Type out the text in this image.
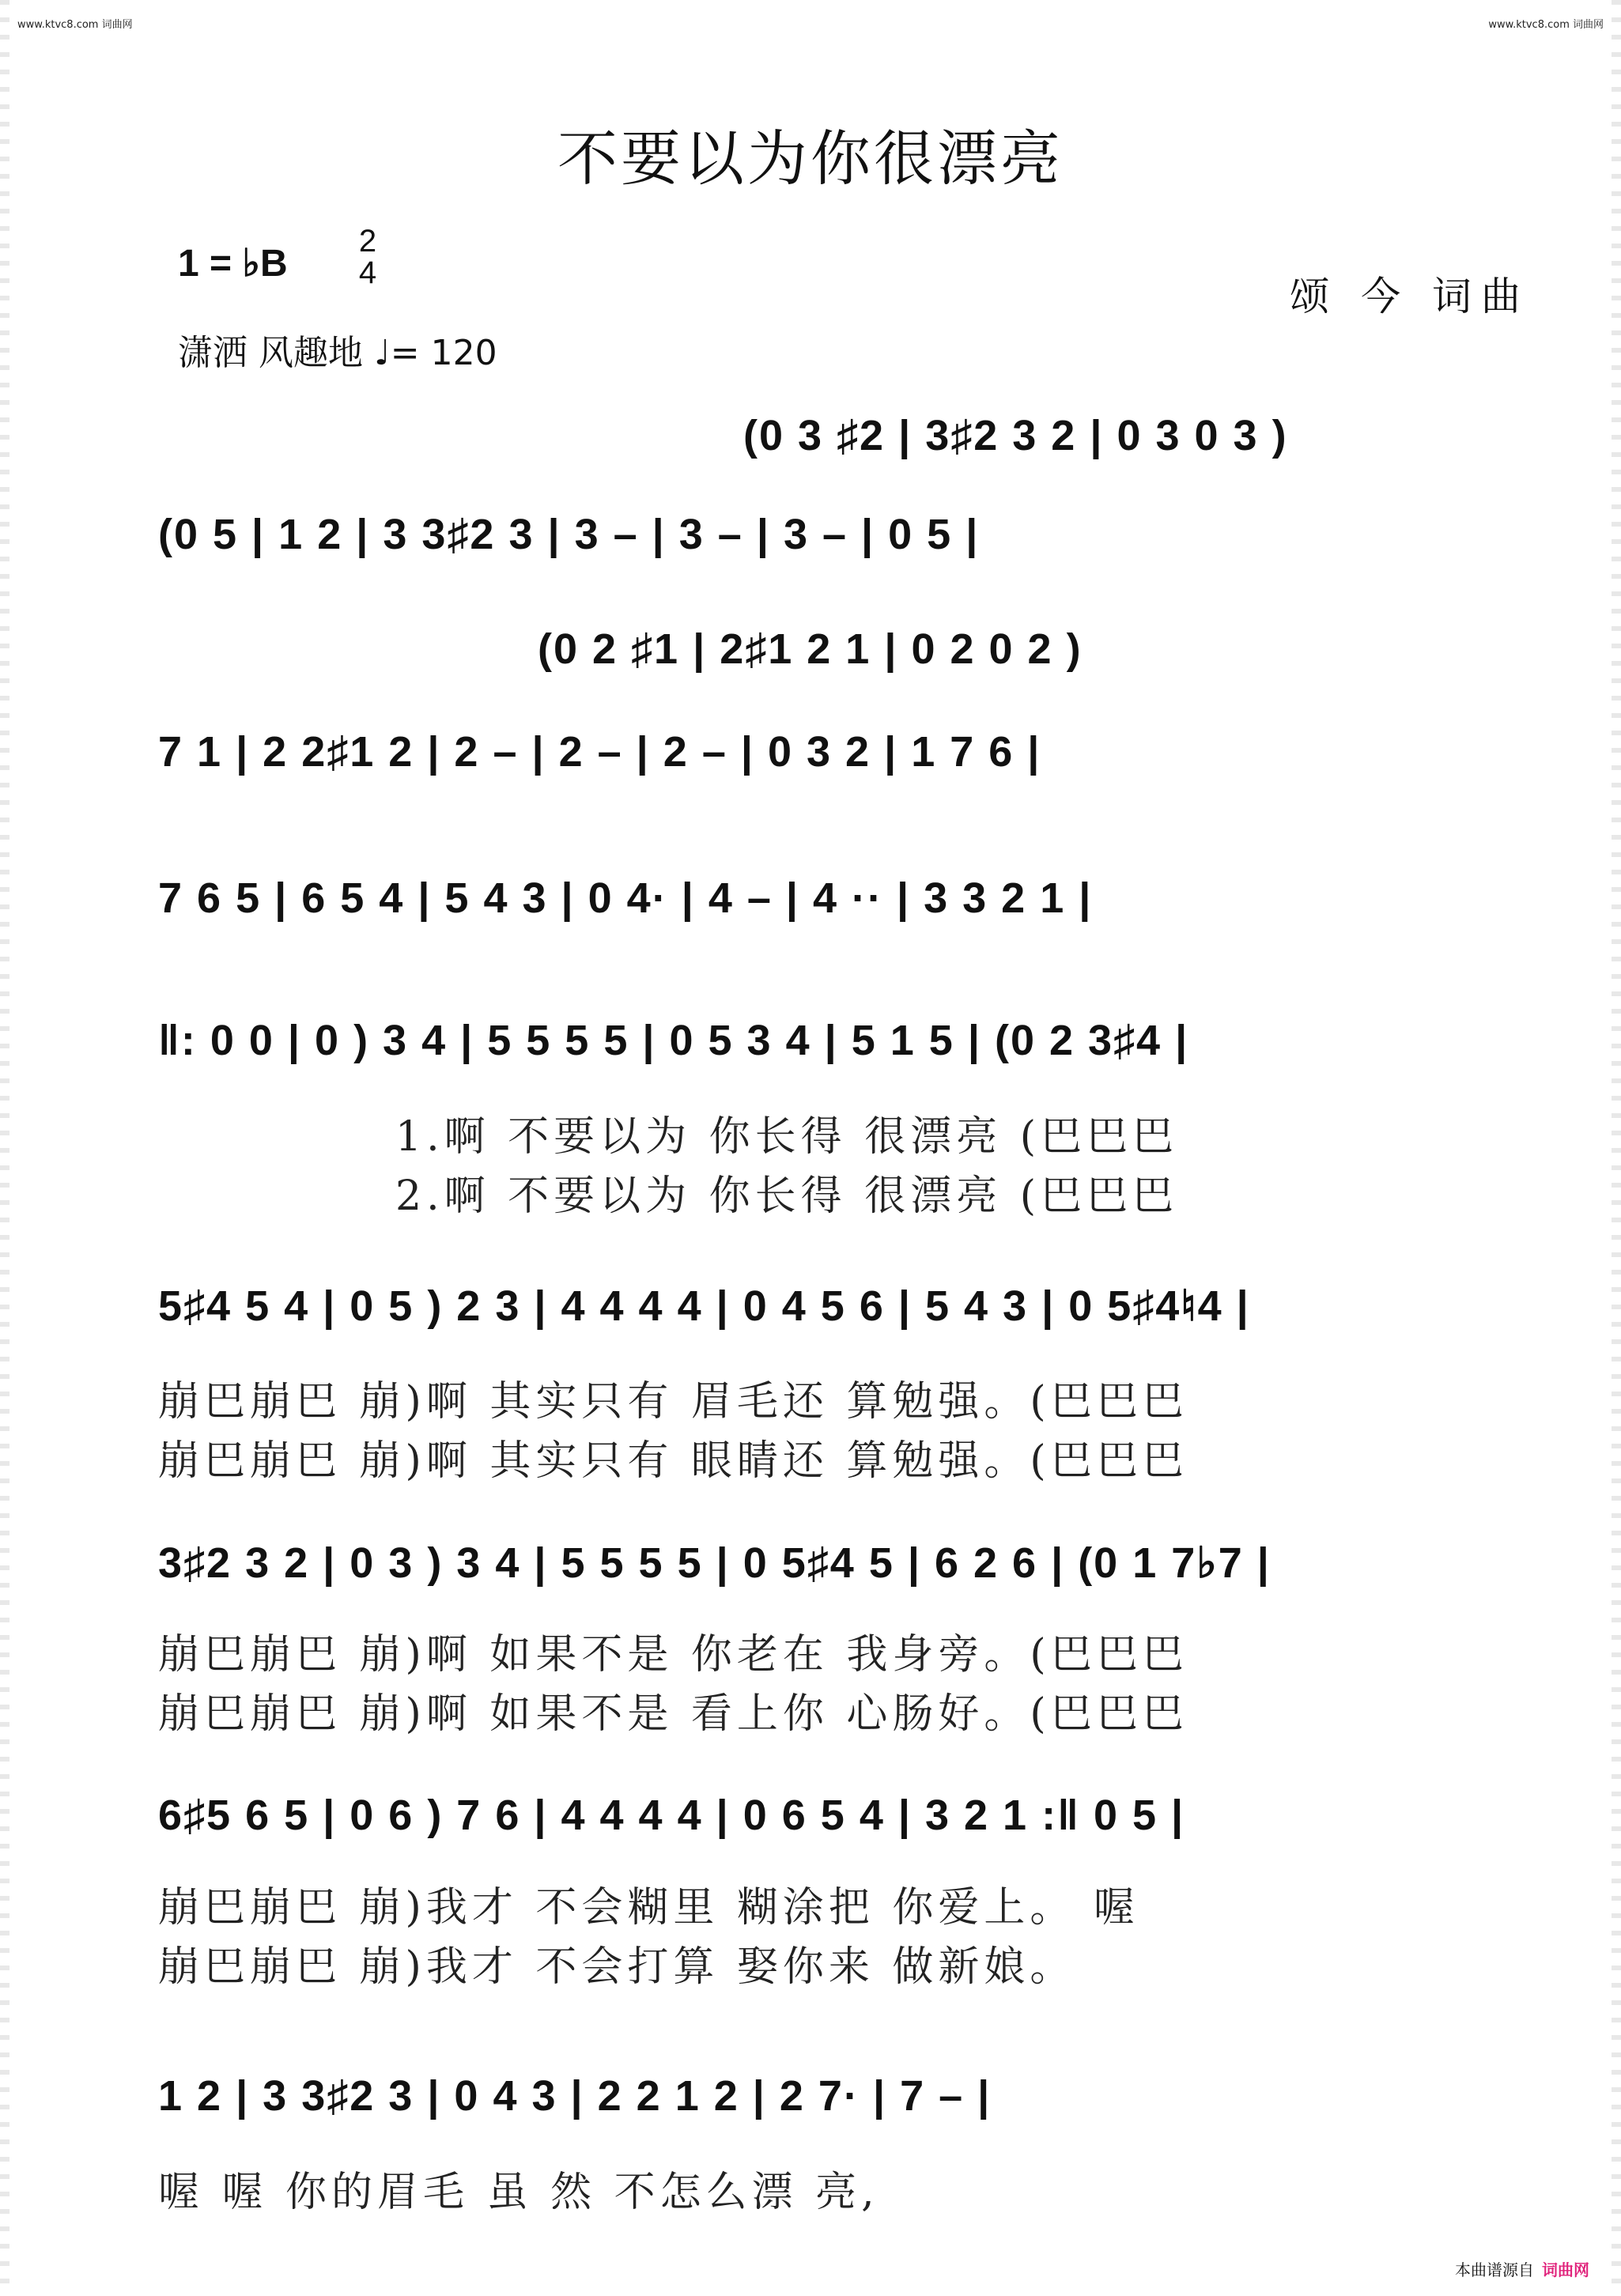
www.ktvc8.com 词曲网	www.ktvc8.com 词曲网
不要以为你很漂亮
1 = ♭B
2
4
潇洒 风趣地 ♩= 120
颂 今 词曲
(0 3 ♯2 | 3♯2 3 2 | 0 3 0 3 )
(0 5 | 1 2 | 3 3♯2 3 | 3 – | 3 – | 3 – | 0 5 |
(0 2 ♯1 | 2♯1 2 1 | 0 2 0 2 )
7 1 | 2 2♯1 2 | 2 – | 2 – | 2 – | 0 3 2 | 1 7 6 |
7 6 5 | 6 5 4 | 5 4 3 | 0 4· | 4 – | 4 ·· | 3 3 2 1 |
‖: 0 0 | 0 ) 3 4 | 5 5 5 5 | 0 5 3 4 | 5 1 5 | (0 2 3♯4 |
1.啊 不要以为 你长得 很漂亮 (巴巴巴
2.啊 不要以为 你长得 很漂亮 (巴巴巴
5♯4 5 4 | 0 5 ) 2 3 | 4 4 4 4 | 0 4 5 6 | 5 4 3 | 0 5♯4♮4 |
崩巴崩巴 崩)啊 其实只有 眉毛还 算勉强。(巴巴巴
崩巴崩巴 崩)啊 其实只有 眼睛还 算勉强。(巴巴巴
3♯2 3 2 | 0 3 ) 3 4 | 5 5 5 5 | 0 5♯4 5 | 6 2 6 | (0 1 7♭7 |
崩巴崩巴 崩)啊 如果不是 你老在 我身旁。(巴巴巴
崩巴崩巴 崩)啊 如果不是 看上你 心肠好。(巴巴巴
6♯5 6 5 | 0 6 ) 7 6 | 4 4 4 4 | 0 6 5 4 | 3 2 1 :‖ 0 5 |
崩巴崩巴 崩)我才 不会糊里 糊涂把 你爱上。 喔
崩巴崩巴 崩)我才 不会打算 娶你来 做新娘。
1 2 | 3 3♯2 3 | 0 4 3 | 2 2 1 2 | 2 7· | 7 – |
喔 喔 你的眉毛 虽 然 不怎么漂 亮,
本曲谱源自 词曲网
